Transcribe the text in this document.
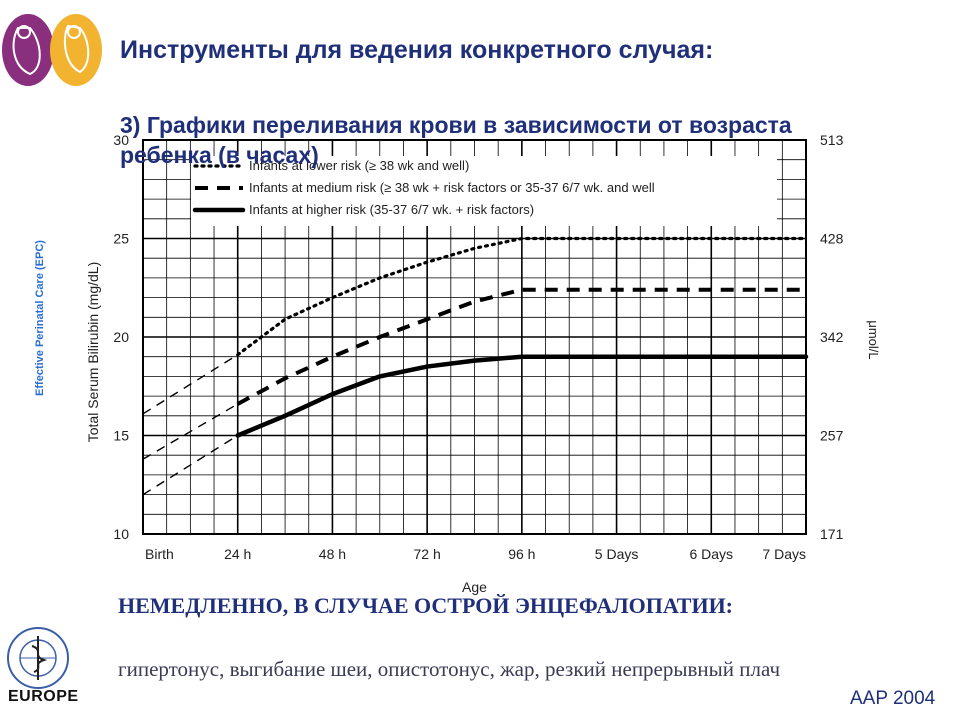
Effective Perinatal Care (EPC)
Инструменты для ведения конкретного случая:
3) Графики переливания крови в зависимости от возраста ребенка (в часах)
10
15
20
25
30
171
257
342
428
513
Birth	24 h	48 h	72 h	96 h	5 Days	6 Days 7 Days
Age
Total Serum Bilirubin (mg/dL)	μmol/L
Infants at lower risk (≥ 38 wk and well)
Infants at medium risk (≥ 38 wk + risk factors or 35-37 6/7 wk. and well
Infants at higher risk (35-37 6/7 wk. + risk factors)
НЕМЕДЛЕННО, В СЛУЧАЕ ОСТРОЙ ЭНЦЕФАЛОПАТИИ:
гипертонус, выгибание шеи, опистотонус, жар, резкий непрерывный плач
EUROPE	AAP 2004
